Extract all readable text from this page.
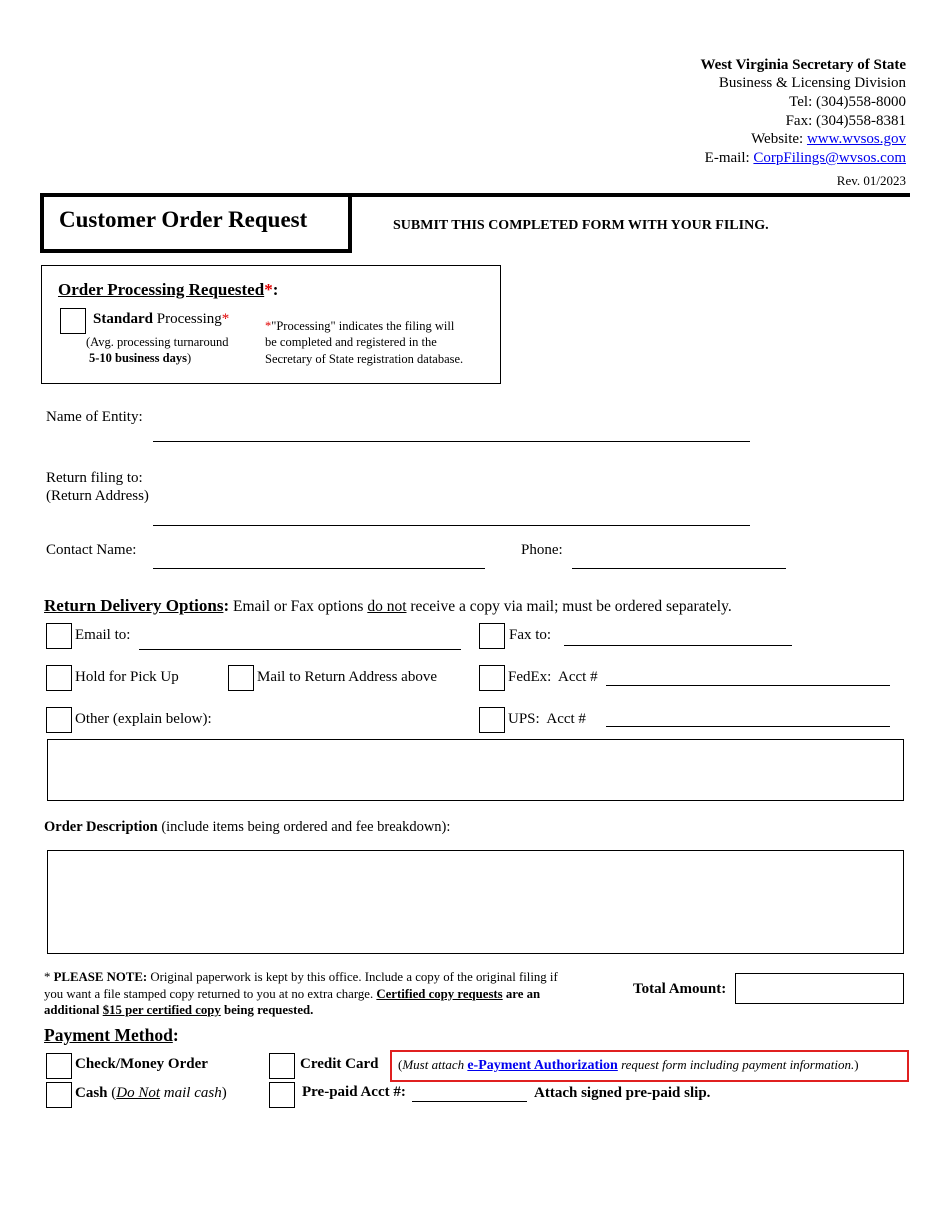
West Virginia Secretary of State
Business & Licensing Division
Tel: (304)558-8000
Fax: (304)558-8381
Website: www.wvsos.gov
E-mail: CorpFilings@wvsos.com
Rev. 01/2023
Customer Order Request	SUBMIT THIS COMPLETED FORM WITH YOUR FILING.
Order Processing Requested*:
Standard Processing*
(Avg. processing turnaround
5-10 business days)
*"Processing" indicates the filing will
be completed and registered in the
Secretary of State registration database.
Name of Entity:
Return filing to:
(Return Address)
Contact Name:	Phone:
Return Delivery Options: Email or Fax options do not receive a copy via mail; must be ordered separately.
Email to:	Fax to:
Hold for Pick Up	Mail to Return Address above	FedEx:  Acct #
Other (explain below):	UPS:  Acct #
Order Description (include items being ordered and fee breakdown):
* PLEASE NOTE: Original paperwork is kept by this office. Include a copy of the original filing if
you want a file stamped copy returned to you at no extra charge. Certified copy requests are an
additional $15 per certified copy being requested.
Total Amount:
Payment Method:
Check/Money Order	Credit Card (Must attach e-Payment Authorization request form including payment information.)
Cash (Do Not mail cash)	Pre-paid Acct #:	Attach signed pre-paid slip.
